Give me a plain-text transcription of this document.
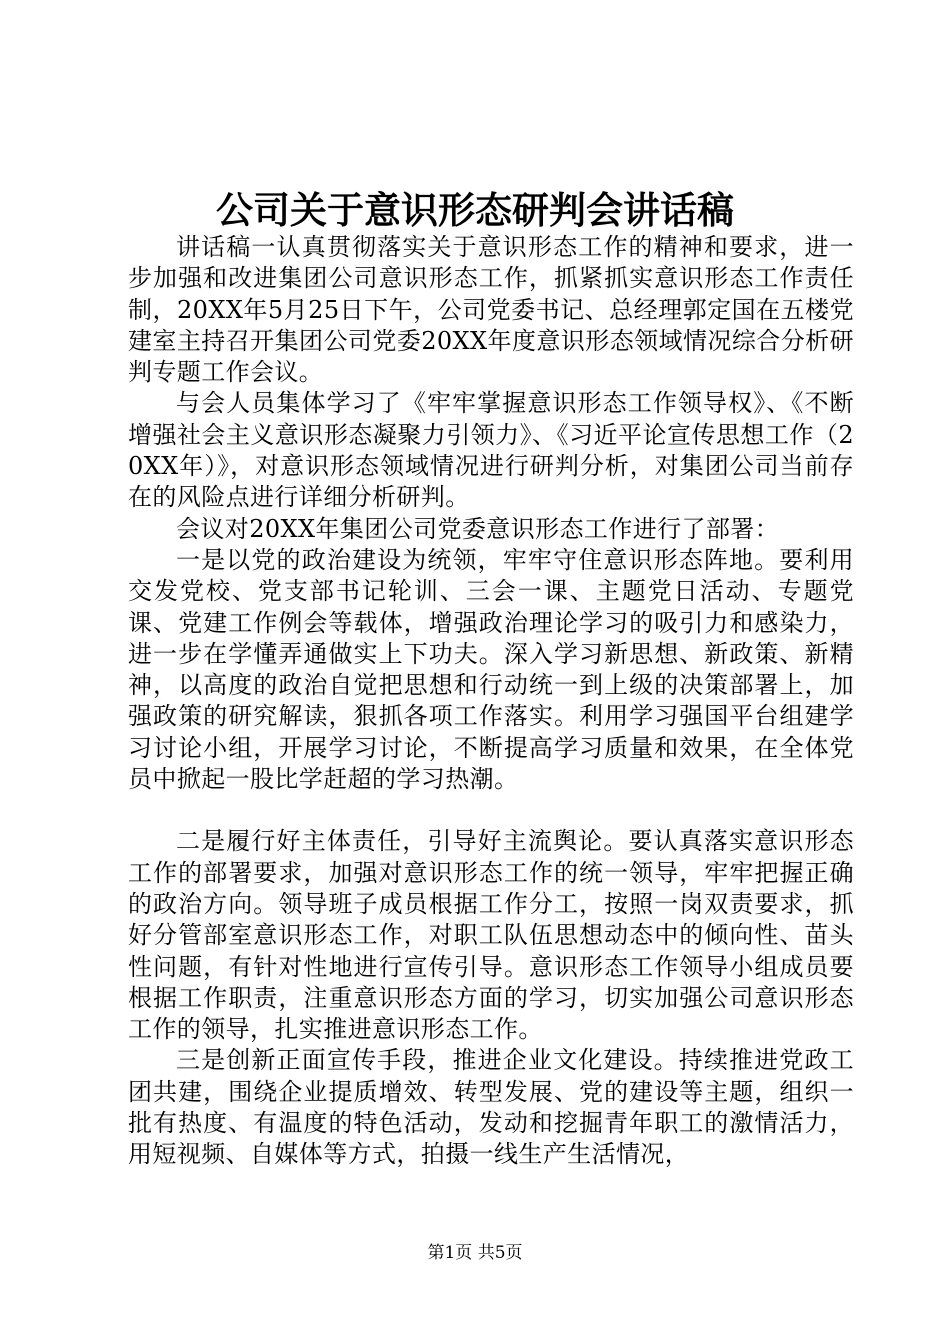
公司关于意识形态研判会讲话稿

讲话稿一认真贯彻落实关于意识形态工作的精神和要求，进一步加强和改进集团公司意识形态工作，抓紧抓实意识形态工作责任制，20XX年5月25日下午，公司党委书记、总经理郭定国在五楼党建室主持召开集团公司党委20XX年度意识形态领域情况综合分析研判专题工作会议。

与会人员集体学习了《牢牢掌握意识形态工作领导权》、《不断增强社会主义意识形态凝聚力引领力》、《习近平论宣传思想工作（20XX年）》，对意识形态领域情况进行研判分析，对集团公司当前存在的风险点进行详细分析研判。

会议对20XX年集团公司党委意识形态工作进行了部署：

一是以党的政治建设为统领，牢牢守住意识形态阵地。要利用交发党校、党支部书记轮训、三会一课、主题党日活动、专题党课、党建工作例会等载体，增强政治理论学习的吸引力和感染力，进一步在学懂弄通做实上下功夫。深入学习新思想、新政策、新精神，以高度的政治自觉把思想和行动统一到上级的决策部署上，加强政策的研究解读，狠抓各项工作落实。利用学习强国平台组建学习讨论小组，开展学习讨论，不断提高学习质量和效果，在全体党员中掀起一股比学赶超的学习热潮。

二是履行好主体责任，引导好主流舆论。要认真落实意识形态工作的部署要求，加强对意识形态工作的统一领导，牢牢把握正确的政治方向。领导班子成员根据工作分工，按照一岗双责要求，抓好分管部室意识形态工作，对职工队伍思想动态中的倾向性、苗头性问题，有针对性地进行宣传引导。意识形态工作领导小组成员要根据工作职责，注重意识形态方面的学习，切实加强公司意识形态工作的领导，扎实推进意识形态工作。

三是创新正面宣传手段，推进企业文化建设。持续推进党政工团共建，围绕企业提质增效、转型发展、党的建设等主题，组织一批有热度、有温度的特色活动，发动和挖掘青年职工的激情活力，用短视频、自媒体等方式，拍摄一线生产生活情况，

第1页 共5页
